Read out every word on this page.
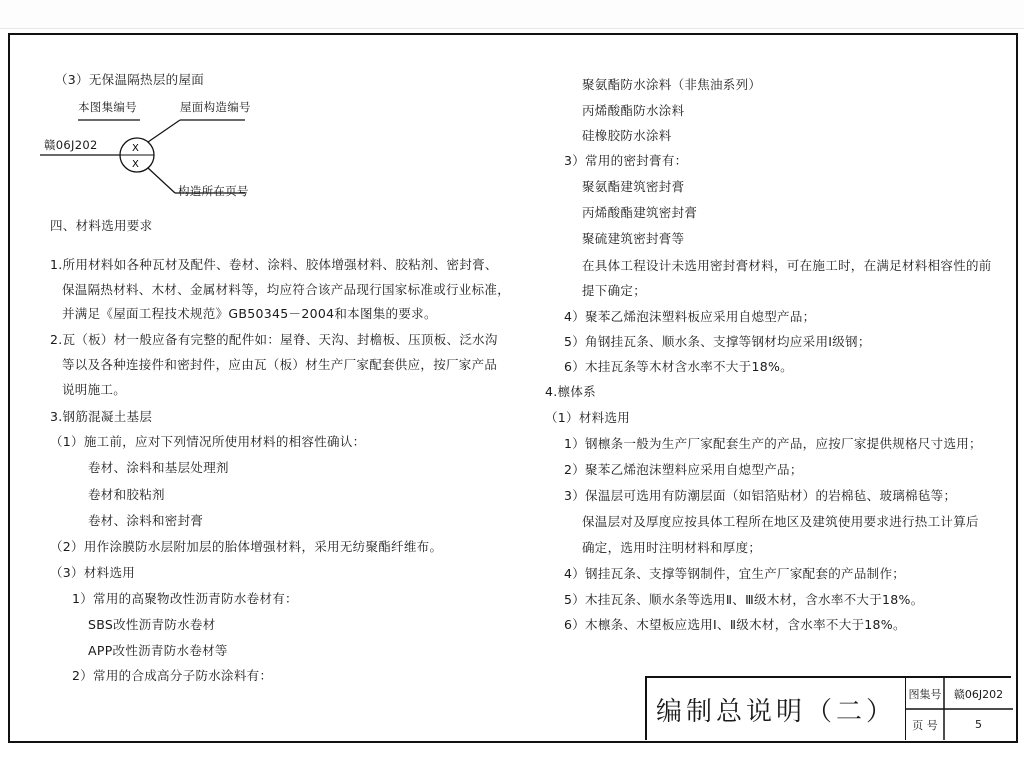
（3）无保温隔热层的屋面
X
X
本图集编号	屋面构造编号
赣06J202
构造所在页号
四、材料选用要求
1.所用材料如各种瓦材及配件、卷材、涂料、胶体增强材料、胶粘剂、密封膏、
保温隔热材料、木材、金属材料等，均应符合该产品现行国家标准或行业标准，
并满足《屋面工程技术规范》GB50345－2004和本图集的要求。
2.瓦（板）材一般应备有完整的配件如：屋脊、天沟、封檐板、压顶板、泛水沟
等以及各种连接件和密封件，应由瓦（板）材生产厂家配套供应，按厂家产品
说明施工。
3.钢筋混凝土基层
（1）施工前，应对下列情况所使用材料的相容性确认：
卷材、涂料和基层处理剂
卷材和胶粘剂
卷材、涂料和密封膏
（2）用作涂膜防水层附加层的胎体增强材料，采用无纺聚酯纤维布。
（3）材料选用
1）常用的高聚物改性沥青防水卷材有：
SBS改性沥青防水卷材
APP改性沥青防水卷材等
2）常用的合成高分子防水涂料有：
聚氨酯防水涂料（非焦油系列）
丙烯酸酯防水涂料
硅橡胶防水涂料
3）常用的密封膏有：
聚氨酯建筑密封膏
丙烯酸酯建筑密封膏
聚硫建筑密封膏等
在具体工程设计未选用密封膏材料，可在施工时，在满足材料相容性的前
提下确定；
4）聚苯乙烯泡沫塑料板应采用自熄型产品；
5）角钢挂瓦条、顺水条、支撑等钢材均应采用Ⅰ级钢；
6）木挂瓦条等木材含水率不大于18%。
4.檩体系
（1）材料选用
1）钢檩条一般为生产厂家配套生产的产品，应按厂家提供规格尺寸选用；
2）聚苯乙烯泡沫塑料应采用自熄型产品；
3）保温层可选用有防潮层面（如铝箔贴材）的岩棉毡、玻璃棉毡等；
保温层对及厚度应按具体工程所在地区及建筑使用要求进行热工计算后
确定，选用时注明材料和厚度；
4）钢挂瓦条、支撑等钢制件，宜生产厂家配套的产品制作；
5）木挂瓦条、顺水条等选用Ⅱ、Ⅲ级木材，含水率不大于18%。
6）木檩条、木望板应选用Ⅰ、Ⅱ级木材，含水率不大于18%。
编制总说明（二）
图集号	赣06J202
页 号	5
